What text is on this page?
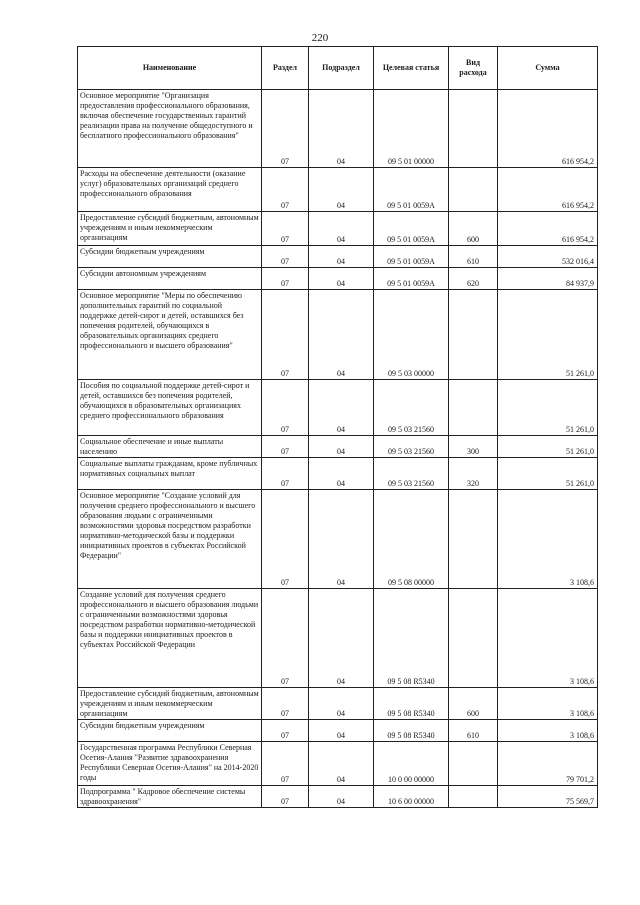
220
Наименование	Раздел	Подраздел	Целевая статья	Вид расхода	Сумма
Основное мероприятие "Организация предоставления профессионального образования, включая обеспечение государственных гарантий реализации права на получение общедоступного и бесплатного профессионального образования"	07	04	09 5 01 00000		616 954,2
Расходы на обеспечение деятельности (оказание услуг) образовательных организаций среднего профессионального образования	07	04	09 5 01 0059А		616 954,2
Предоставление субсидий бюджетным, автономным учреждениям и иным некоммерческим организациям	07	04	09 5 01 0059А	600	616 954,2
Субсидии бюджетным учреждениям	07	04	09 5 01 0059А	610	532 016,4
Субсидии автономным учреждениям	07	04	09 5 01 0059А	620	84 937,9
Основное мероприятие "Меры по обеспечению дополнительных гарантий по социальной поддержке детей-сирот и детей, оставшихся без попечения родителей, обучающихся в образовательных организациях среднего профессионального и высшего образования"	07	04	09 5 03 00000		51 261,0
Пособия по социальной поддержке детей-сирот и детей, оставшихся без попечения родителей, обучающихся в образовательных организациях среднего профессионального образования	07	04	09 5 03 21560		51 261,0
Социальное обеспечение и иные выплаты населению	07	04	09 5 03 21560	300	51 261,0
Социальные выплаты гражданам, кроме публичных нормативных социальных выплат	07	04	09 5 03 21560	320	51 261,0
Основное мероприятие "Создание условий для получения среднего профессионального и высшего образования людьми с ограниченными возможностями здоровья посредством разработки нормативно-методической базы и поддержки инициативных проектов в субъектах Российской Федерации"	07	04	09 5 08 00000		3 108,6
Создание условий для получения среднего профессионального и высшего образования людьми с ограниченными возможностями здоровья посредством разработки нормативно-методической базы и поддержки инициативных проектов в субъектах Российской Федерации	07	04	09 5 08 R5340		3 108,6
Предоставление субсидий бюджетным, автономным учреждениям и иным некоммерческим организациям	07	04	09 5 08 R5340	600	3 108,6
Субсидии бюджетным учреждениям	07	04	09 5 08 R5340	610	3 108,6
Государственная программа Республики Северная Осетия-Алания "Развитие здравоохранения Республики Северная Осетия-Алания" на 2014-2020 годы	07	04	10 0 00 00000		79 701,2
Подпрограмма " Кадровое обеспечение системы здравоохранения"	07	04	10 6 00 00000		75 569,7
